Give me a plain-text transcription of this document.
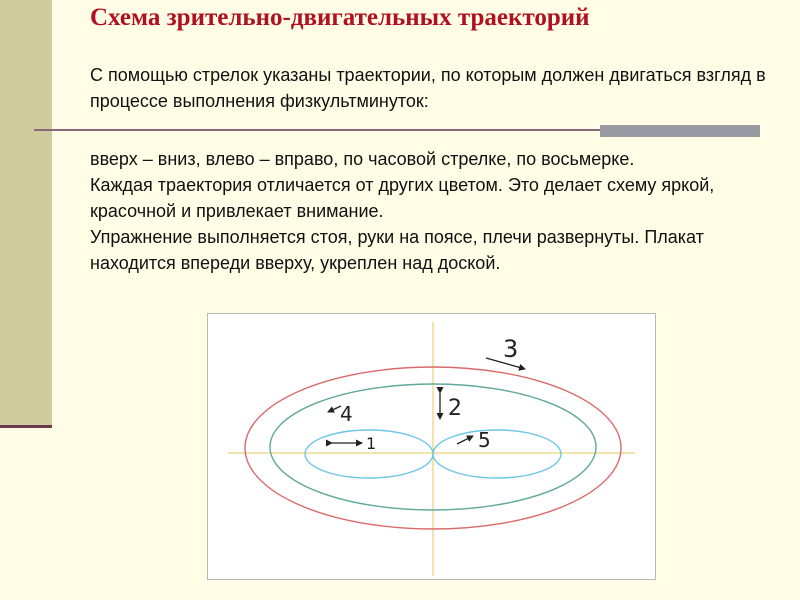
Схема зрительно-двигательных траекторий

С помощью стрелок указаны траектории, по которым должен двигаться взгляд в процессе выполнения физкультминуток:

вверх – вниз, влево – вправо, по часовой стрелке, по восьмерке.

Каждая траектория отличается от других цветом. Это делает схему яркой, красочной и привлекает внимание.

Упражнение выполняется стоя, руки на поясе, плечи развернуты. Плакат находится впереди вверху, укреплен над доской.

1
2
3
4
5
